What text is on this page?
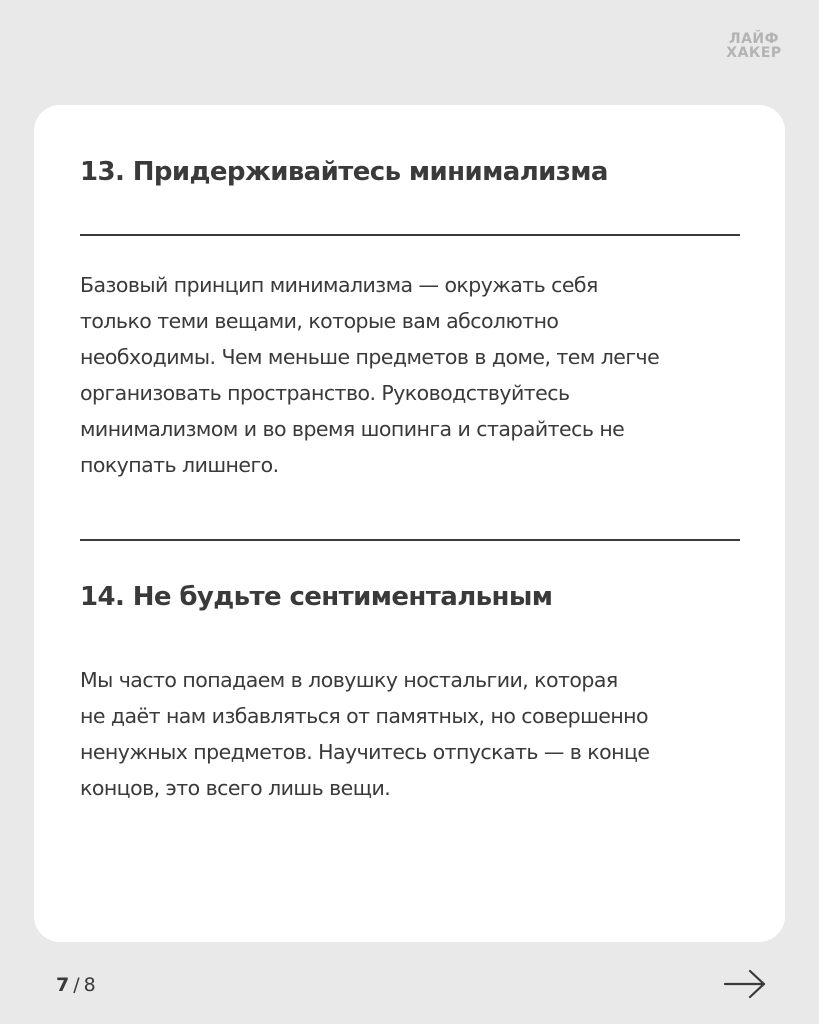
ЛАЙФ
ХАКЕР
13. Придерживайтесь минимализма

Базовый принцип минимализма — окружать себя
только теми вещами, которые вам абсолютно
необходимы. Чем меньше предметов в доме, тем легче
организовать пространство. Руководствуйтесь
минимализмом и во время шопинга и старайтесь не
покупать лишнего.

14. Не будьте сентиментальным

Мы часто попадаем в ловушку ностальгии, которая
не даёт нам избавляться от памятных, но совершенно
ненужных предметов. Научитесь отпускать — в конце
концов, это всего лишь вещи.

7 / 8
